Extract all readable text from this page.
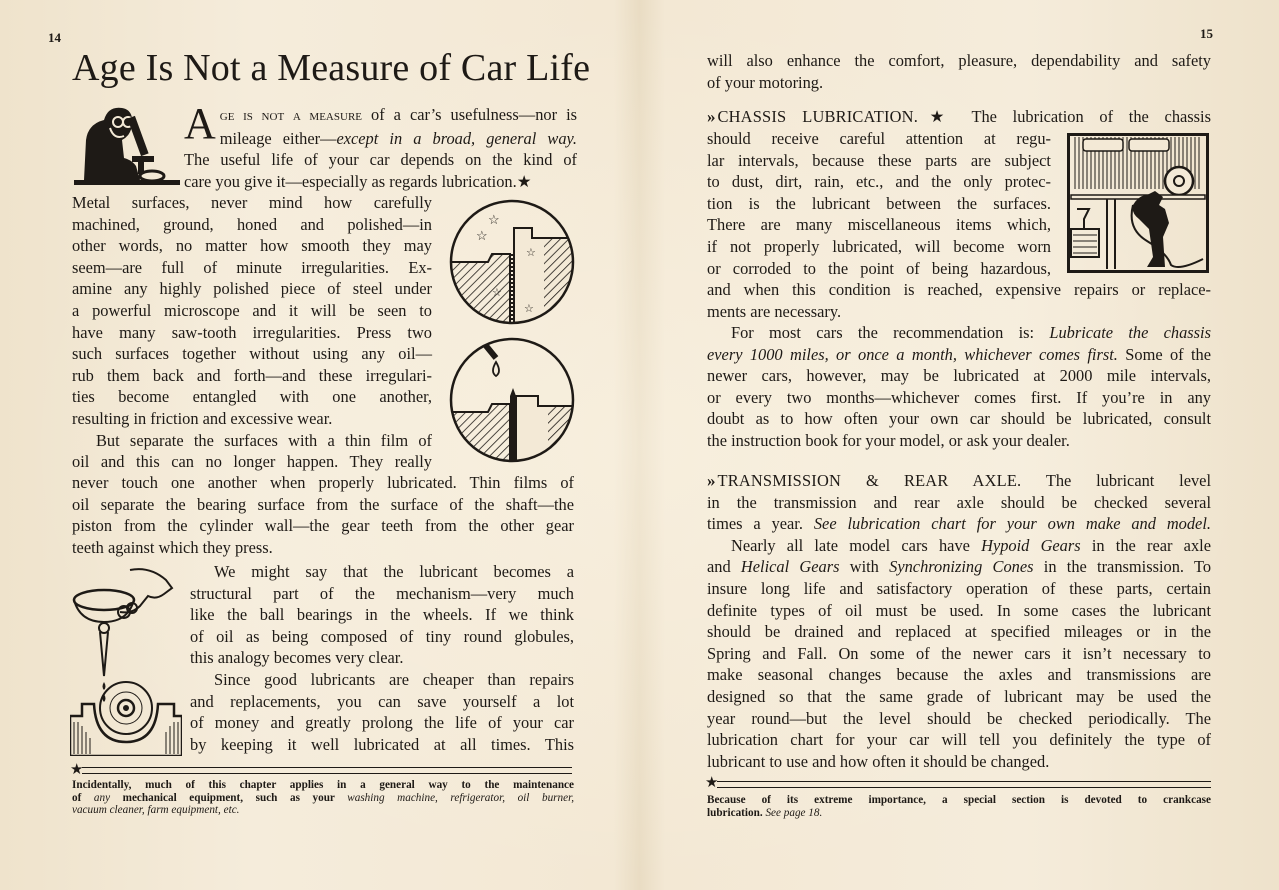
14
Age Is Not a Measure of Car Life
A ge is not a measure of a car’s usefulness—nor is
mileage either—except in a broad, general way.
The useful life of your car depends on the kind of
care you give it—especially as regards lubrication.★
Metal surfaces, never mind how carefully
machined, ground, honed and polished—in
other words, no matter how smooth they may
seem—are full of minute irregularities. Ex-
amine any highly polished piece of steel under
a powerful microscope and it will be seen to
have many saw-tooth irregularities. Press two
such surfaces together without using any oil—
rub them back and forth—and these irregulari-
ties become entangled with one another,
resulting in friction and excessive wear.
But separate the surfaces with a thin film of
oil and this can no longer happen. They really
☆
☆
☆
☆
☆
never touch one another when properly lubricated. Thin films of
oil separate the bearing surface from the surface of the shaft—the
piston from the cylinder wall—the gear teeth from the other gear
teeth against which they press.
We might say that the lubricant becomes a
structural part of the mechanism—very much
like the ball bearings in the wheels. If we think
of oil as being composed of tiny round globules,
this analogy becomes very clear.
Since good lubricants are cheaper than repairs
and replacements, you can save yourself a lot
of money and greatly prolong the life of your car
by keeping it well lubricated at all times. This
★
Incidentally, much of this chapter applies in a general way to the maintenance
of any mechanical equipment, such as your washing machine, refrigerator, oil burner,
vacuum cleaner, farm equipment, etc.
15
will also enhance the comfort, pleasure, dependability and safety
of your motoring.
» CHASSIS LUBRICATION.★ The lubrication of the chassis
should receive careful attention at regu-
lar intervals, because these parts are subject
to dust, dirt, rain, etc., and the only protec-
tion is the lubricant between the surfaces.
There are many miscellaneous items which,
if not properly lubricated, will become worn
or corroded to the point of being hazardous,
and when this condition is reached, expensive repairs or replace-
ments are necessary.
For most cars the recommendation is: Lubricate the chassis
every 1000 miles, or once a month, whichever comes first. Some of the
newer cars, however, may be lubricated at 2000 mile intervals,
or every two months—whichever comes first. If you’re in any
doubt as to how often your own car should be lubricated, consult
the instruction book for your model, or ask your dealer.
» TRANSMISSION & REAR AXLE. The lubricant level
in the transmission and rear axle should be checked several
times a year. See lubrication chart for your own make and model.
Nearly all late model cars have Hypoid Gears in the rear axle
and Helical Gears with Synchronizing Cones in the transmission. To
insure long life and satisfactory operation of these parts, certain
definite types of oil must be used. In some cases the lubricant
should be drained and replaced at specified mileages or in the
Spring and Fall. On some of the newer cars it isn’t necessary to
make seasonal changes because the axles and transmissions are
designed so that the same grade of lubricant may be used the
year round—but the level should be checked periodically. The
lubrication chart for your car will tell you definitely the type of
lubricant to use and how often it should be changed.
★
Because of its extreme importance, a special section is devoted to crankcase
lubrication. See page 18.
